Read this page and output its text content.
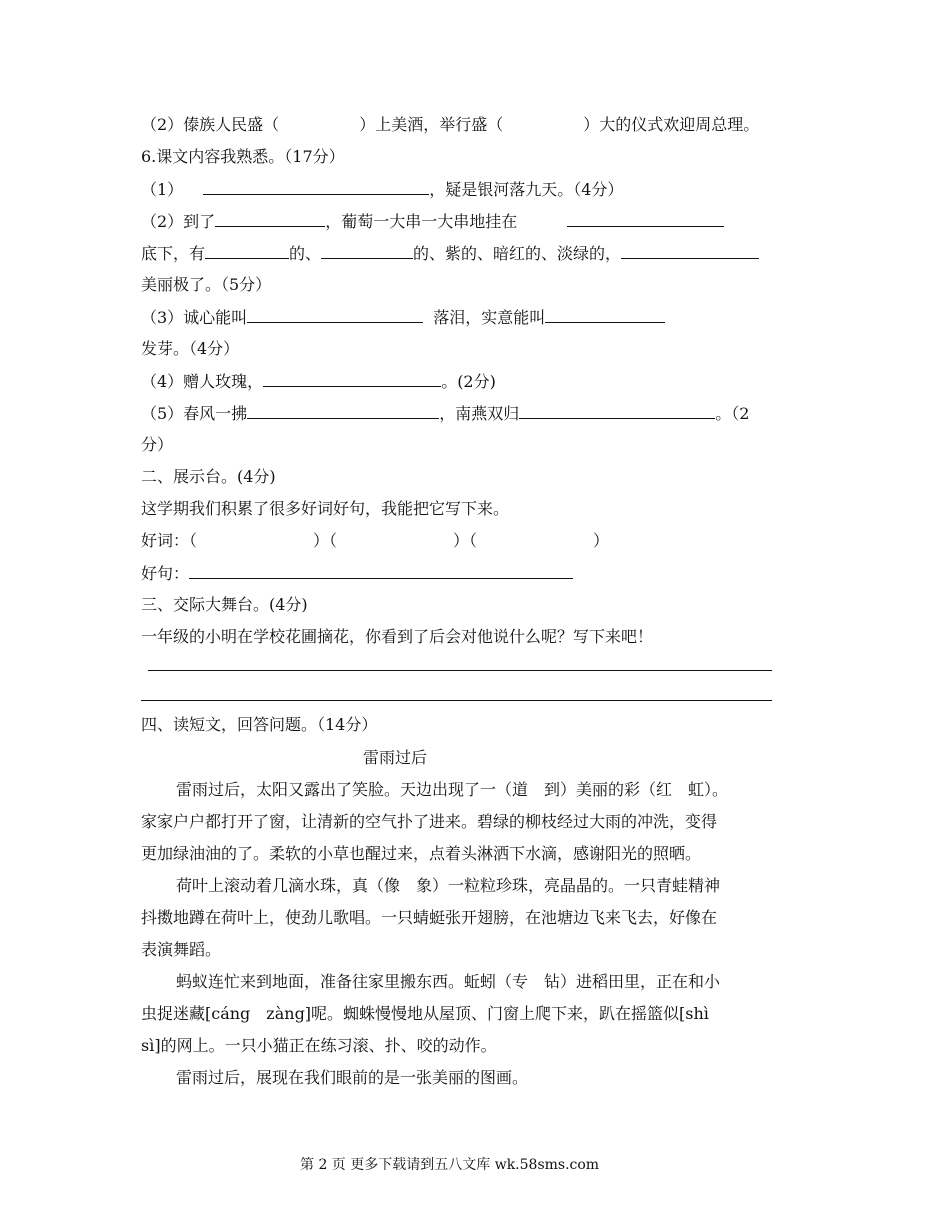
（2）傣族人民盛（	）上美酒，举行盛（	）大的仪式欢迎周总理。
6.课文内容我熟悉。（17分）
（1）	，疑是银河落九天。（4分）
（2）到了	，葡萄一大串一大串地挂在
底下，有	的、	的、紫的、暗红的、淡绿的，
美丽极了。（5分）
（3）诚心能叫	落泪，实意能叫
发芽。（4分）
（4）赠人玫瑰，	。(2分)
（5）春风一拂	，南燕双归	。（2
分）
二、展示台。(4分)
这学期我们积累了很多好词好句，我能把它写下来。
好词：（	）（	）（	）
好句：
三、交际大舞台。(4分)
一年级的小明在学校花圃摘花，你看到了后会对他说什么呢？写下来吧！
四、读短文，回答问题。（14分）
雷雨过后
雷雨过后，太阳又露出了笑脸。天边出现了一（道　到）美丽的彩（红　虹）。
家家户户都打开了窗，让清新的空气扑了进来。碧绿的柳枝经过大雨的冲洗，变得
更加绿油油的了。柔软的小草也醒过来，点着头淋洒下水滴，感谢阳光的照晒。
荷叶上滚动着几滴水珠，真（像　象）一粒粒珍珠，亮晶晶的。一只青蛙精神
抖擞地蹲在荷叶上，使劲儿歌唱。一只蜻蜓张开翅膀，在池塘边飞来飞去，好像在
表演舞蹈。
蚂蚁连忙来到地面，准备往家里搬东西。蚯蚓（专　钻）进稻田里，正在和小
虫捉迷藏[cáng　zàng]呢。蜘蛛慢慢地从屋顶、门窗上爬下来，趴在摇篮似[shì
sì]的网上。一只小猫正在练习滚、扑、咬的动作。
雷雨过后，展现在我们眼前的是一张美丽的图画。
第 2 页 更多下载请到五八文库 wk.58sms.com
